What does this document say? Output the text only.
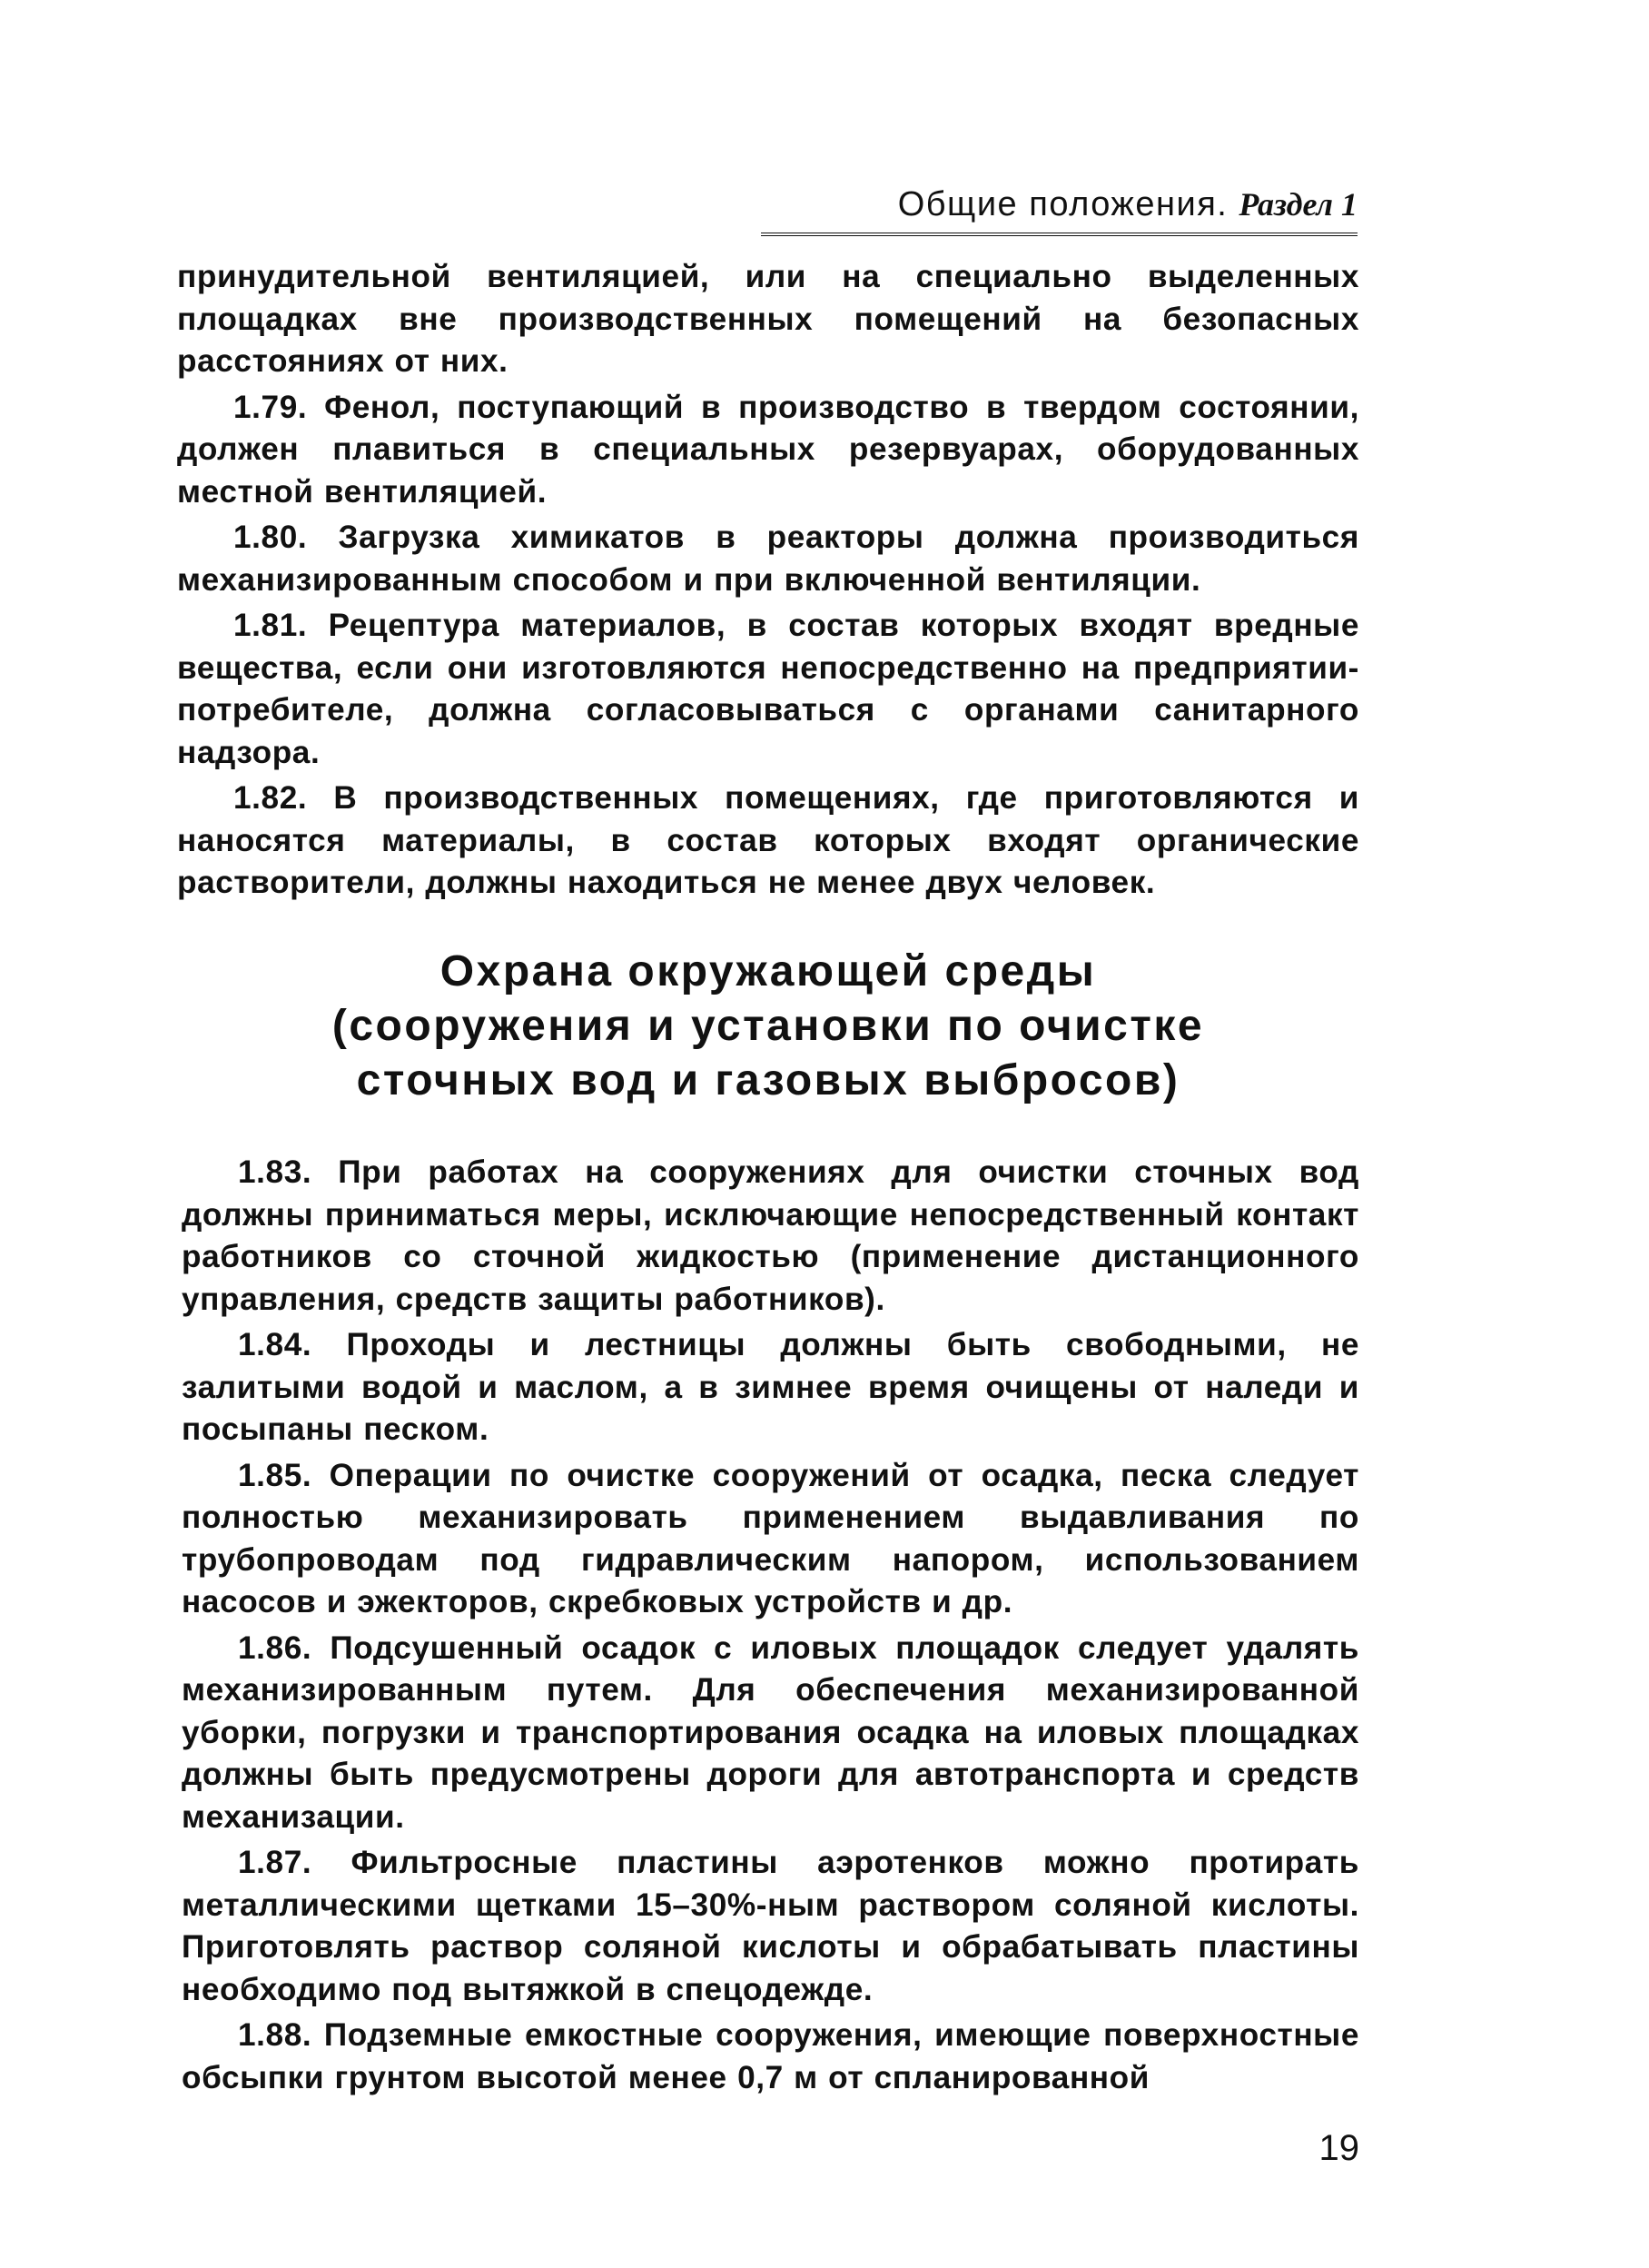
Общие положения. Раздел 1

принудительной вентиляцией, или на специально выделенных площадках вне производственных помещений на безопасных расстояниях от них.

1.79. Фенол, поступающий в производство в твердом состоянии, должен плавиться в специальных резервуарах, оборудованных местной вентиляцией.

1.80. Загрузка химикатов в реакторы должна производиться механизированным способом и при включенной вентиляции.

1.81. Рецептура материалов, в состав которых входят вредные вещества, если они изготовляются непосредственно на предприятии-потребителе, должна согласовываться с органами санитарного надзора.

1.82. В производственных помещениях, где приготовляются и наносятся материалы, в состав которых входят органические растворители, должны находиться не менее двух человек.

Охрана окружающей среды
(сооружения и установки по очистке
сточных вод и газовых выбросов)

1.83. При работах на сооружениях для очистки сточных вод должны приниматься меры, исключающие непосредственный контакт работников со сточной жидкостью (применение дистанционного управления, средств защиты работников).

1.84. Проходы и лестницы должны быть свободными, не залитыми водой и маслом, а в зимнее время очищены от наледи и посыпаны песком.

1.85. Операции по очистке сооружений от осадка, песка следует полностью механизировать применением выдавливания по трубопроводам под гидравлическим напором, использованием насосов и эжекторов, скребковых устройств и др.

1.86. Подсушенный осадок с иловых площадок следует удалять механизированным путем. Для обеспечения механизированной уборки, погрузки и транспортирования осадка на иловых площадках должны быть предусмотрены дороги для автотранспорта и средств механизации.

1.87. Фильтросные пластины аэротенков можно протирать металлическими щетками 15–30%-ным раствором соляной кислоты. Приготовлять раствор соляной кислоты и обрабатывать пластины необходимо под вытяжкой в спецодежде.

1.88. Подземные емкостные сооружения, имеющие поверхностные обсыпки грунтом высотой менее 0,7 м от спланированной

19
